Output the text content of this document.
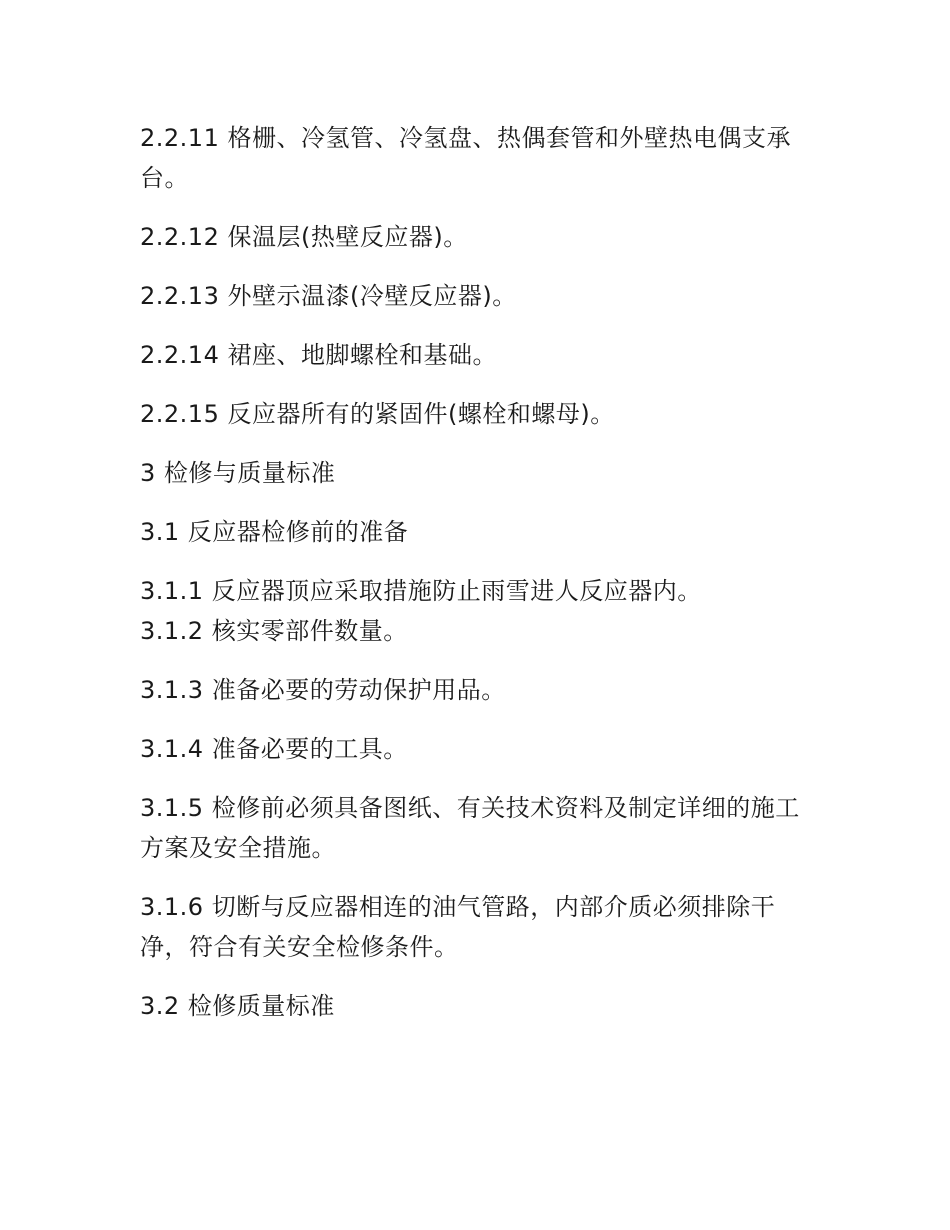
2.2.11 格栅、冷氢管、冷氢盘、热偶套管和外壁热电偶支承台。

2.2.12 保温层(热壁反应器)。

2.2.13 外壁示温漆(冷壁反应器)。

2.2.14 裙座、地脚螺栓和基础。

2.2.15 反应器所有的紧固件(螺栓和螺母)。

3 检修与质量标准

3.1 反应器检修前的准备

3.1.1 反应器顶应采取措施防止雨雪进人反应器内。

3.1.2 核实零部件数量。

3.1.3 准备必要的劳动保护用品。

3.1.4 准备必要的工具。

3.1.5 检修前必须具备图纸、有关技术资料及制定详细的施工方案及安全措施。

3.1.6 切断与反应器相连的油气管路，内部介质必须排除干净，符合有关安全检修条件。

3.2 检修质量标准
